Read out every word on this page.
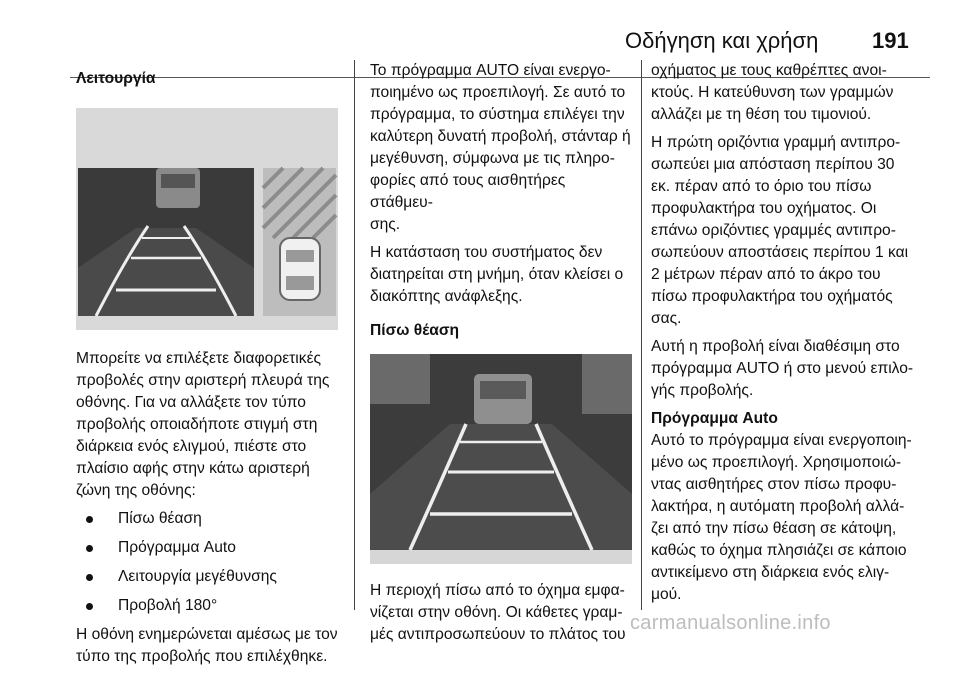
Οδήγηση και χρήση 191

Λειτουργία

Μπορείτε να επιλέξετε διαφορετικές
προβολές στην αριστερή πλευρά της
οθόνης. Για να αλλάξετε τον τύπο
προβολής οποιαδήποτε στιγμή στη
διάρκεια ενός ελιγμού, πιέστε στο
πλαίσιο αφής στην κάτω αριστερή
ζώνη της οθόνης:

Πίσω θέαση
Πρόγραμμα Auto
Λειτουργία μεγέθυνσης
Προβολή 180°

Η οθόνη ενημερώνεται αμέσως με τον
τύπο της προβολής που επιλέχθηκε.

Το πρόγραμμα AUTO είναι ενεργο-
ποιημένο ως προεπιλογή. Σε αυτό το
πρόγραμμα, το σύστημα επιλέγει την
καλύτερη δυνατή προβολή, στάνταρ ή
μεγέθυνση, σύμφωνα με τις πληρο-
φορίες από τους αισθητήρες στάθμευ-
σης.

Η κατάσταση του συστήματος δεν
διατηρείται στη μνήμη, όταν κλείσει ο
διακόπτης ανάφλεξης.

Πίσω θέαση

Η περιοχή πίσω από το όχημα εμφα-
νίζεται στην οθόνη. Οι κάθετες γραμ-
μές αντιπροσωπεύουν το πλάτος του

οχήματος με τους καθρέπτες ανοι-
κτούς. Η κατεύθυνση των γραμμών
αλλάζει με τη θέση του τιμονιού.

Η πρώτη οριζόντια γραμμή αντιπρο-
σωπεύει μια απόσταση περίπου 30
εκ. πέραν από το όριο του πίσω
προφυλακτήρα του οχήματος. Οι
επάνω οριζόντιες γραμμές αντιπρο-
σωπεύουν αποστάσεις περίπου 1 και
2 μέτρων πέραν από το άκρο του
πίσω προφυλακτήρα του οχήματός
σας.

Αυτή η προβολή είναι διαθέσιμη στο
πρόγραμμα AUTO ή στο μενού επιλο-
γής προβολής.

Πρόγραμμα Auto

Αυτό το πρόγραμμα είναι ενεργοποιη-
μένο ως προεπιλογή. Χρησιμοποιώ-
ντας αισθητήρες στον πίσω προφυ-
λακτήρα, η αυτόματη προβολή αλλά-
ζει από την πίσω θέαση σε κάτοψη,
καθώς το όχημα πλησιάζει σε κάποιο
αντικείμενο στη διάρκεια ενός ελιγ-
μού.

carmanualsonline.info
